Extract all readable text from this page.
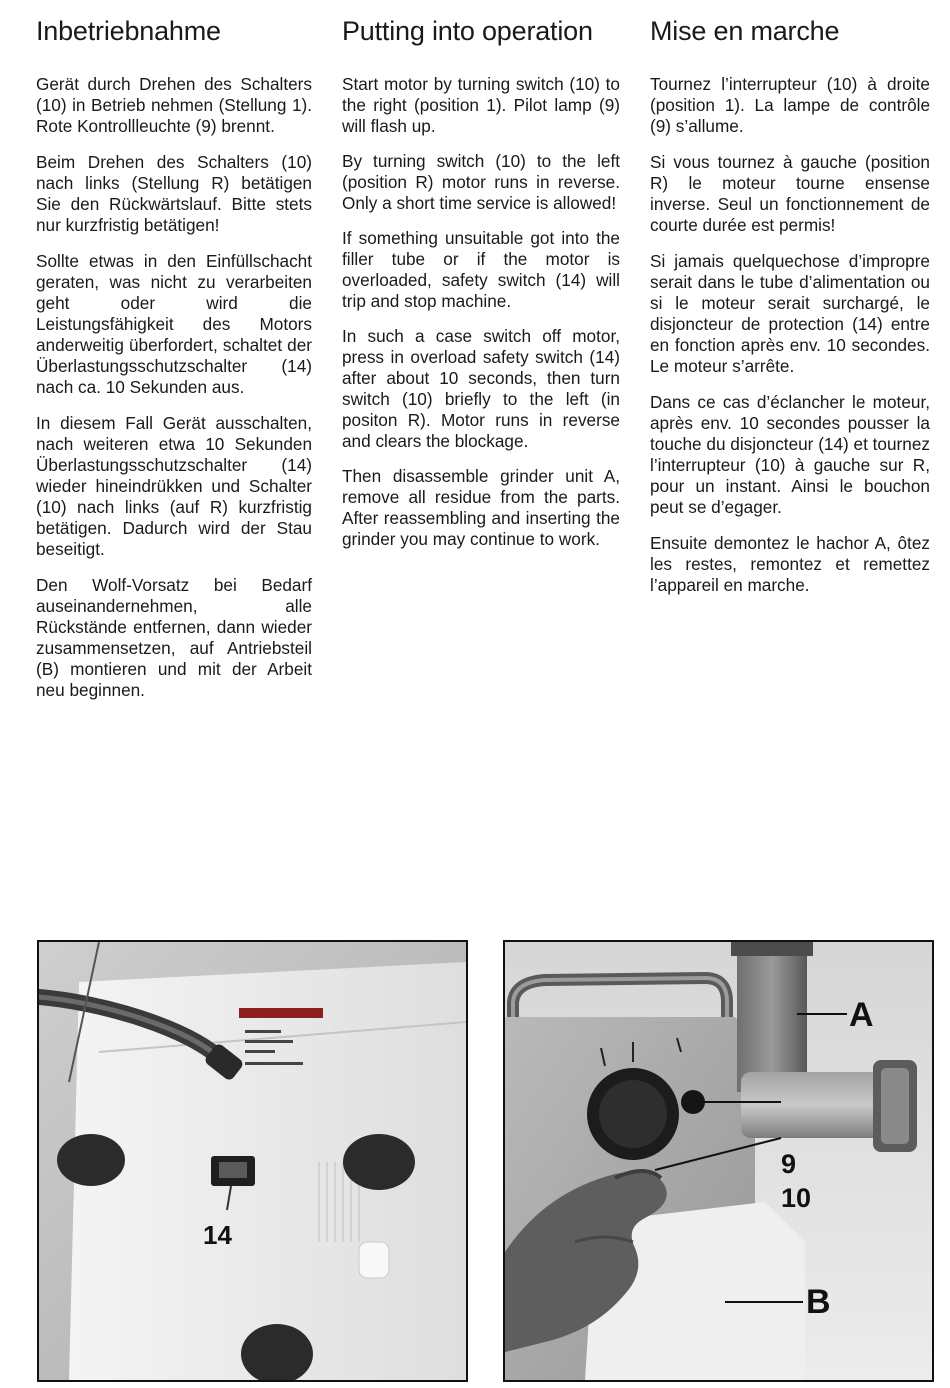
Inbetriebnahme

Gerät durch Drehen des Schalters (10) in Betrieb nehmen (Stellung 1). Rote Kontrollleuchte (9) brennt.

Beim Drehen des Schalters (10) nach links (Stellung R) betätigen Sie den Rückwärtslauf. Bitte stets nur kurzfristig betätigen!

Sollte etwas in den Einfüllschacht geraten, was nicht zu verarbeiten geht oder wird die Leistungsfähigkeit des Motors anderweitig überfordert, schaltet der Überlastungsschutzschalter (14) nach ca. 10 Sekunden aus.

In diesem Fall Gerät ausschalten, nach weiteren etwa 10 Sekunden Überlastungsschutzschalter (14) wieder hineindrükken und Schalter (10) nach links (auf R) kurzfristig betätigen. Dadurch wird der Stau beseitigt.

Den Wolf-Vorsatz bei Bedarf auseinandernehmen, alle Rückstände entfernen, dann wieder zusammensetzen, auf Antriebsteil (B) montieren und mit der Arbeit neu beginnen.

Putting into operation

Start motor by turning switch (10) to the right (position 1). Pilot lamp (9) will flash up.

By turning switch (10) to the left (position R) motor runs in reverse. Only a short time service is allowed!

If something unsuitable got into the filler tube or if the motor is overloaded, safety switch (14) will trip and stop machine.

In such a case switch off motor, press in overload safety switch (14) after about 10 seconds, then turn switch (10) briefly to the left (in positon R). Motor runs in reverse and clears the blockage.

Then disassemble grinder unit A, remove all residue from the parts. After reassembling and inserting the grinder you may continue to work.

Mise en marche

Tournez l’interrupteur (10) à droite (position 1). La lampe de contrôle (9) s’allume.

Si vous tournez à gauche (position R) le moteur tourne ensense inverse. Seul un fonctionnement de courte durée est permis!

Si jamais quelquechose d’impropre serait dans le tube d’alimentation ou si le moteur serait surchargé, le disjoncteur de protection (14) entre en fonction après env. 10 secondes. Le moteur s’arrête.

Dans ce cas d’éclancher le moteur, après env. 10 secondes pousser la touche du disjoncteur (14) et tournez l’interrupteur (10) à gauche sur R, pour un instant. Ainsi le bouchon peut se d’egager.

Ensuite demontez le hachor A, ôtez les restes, remontez et remettez l’appareil en marche.

14
A
9
10
B
